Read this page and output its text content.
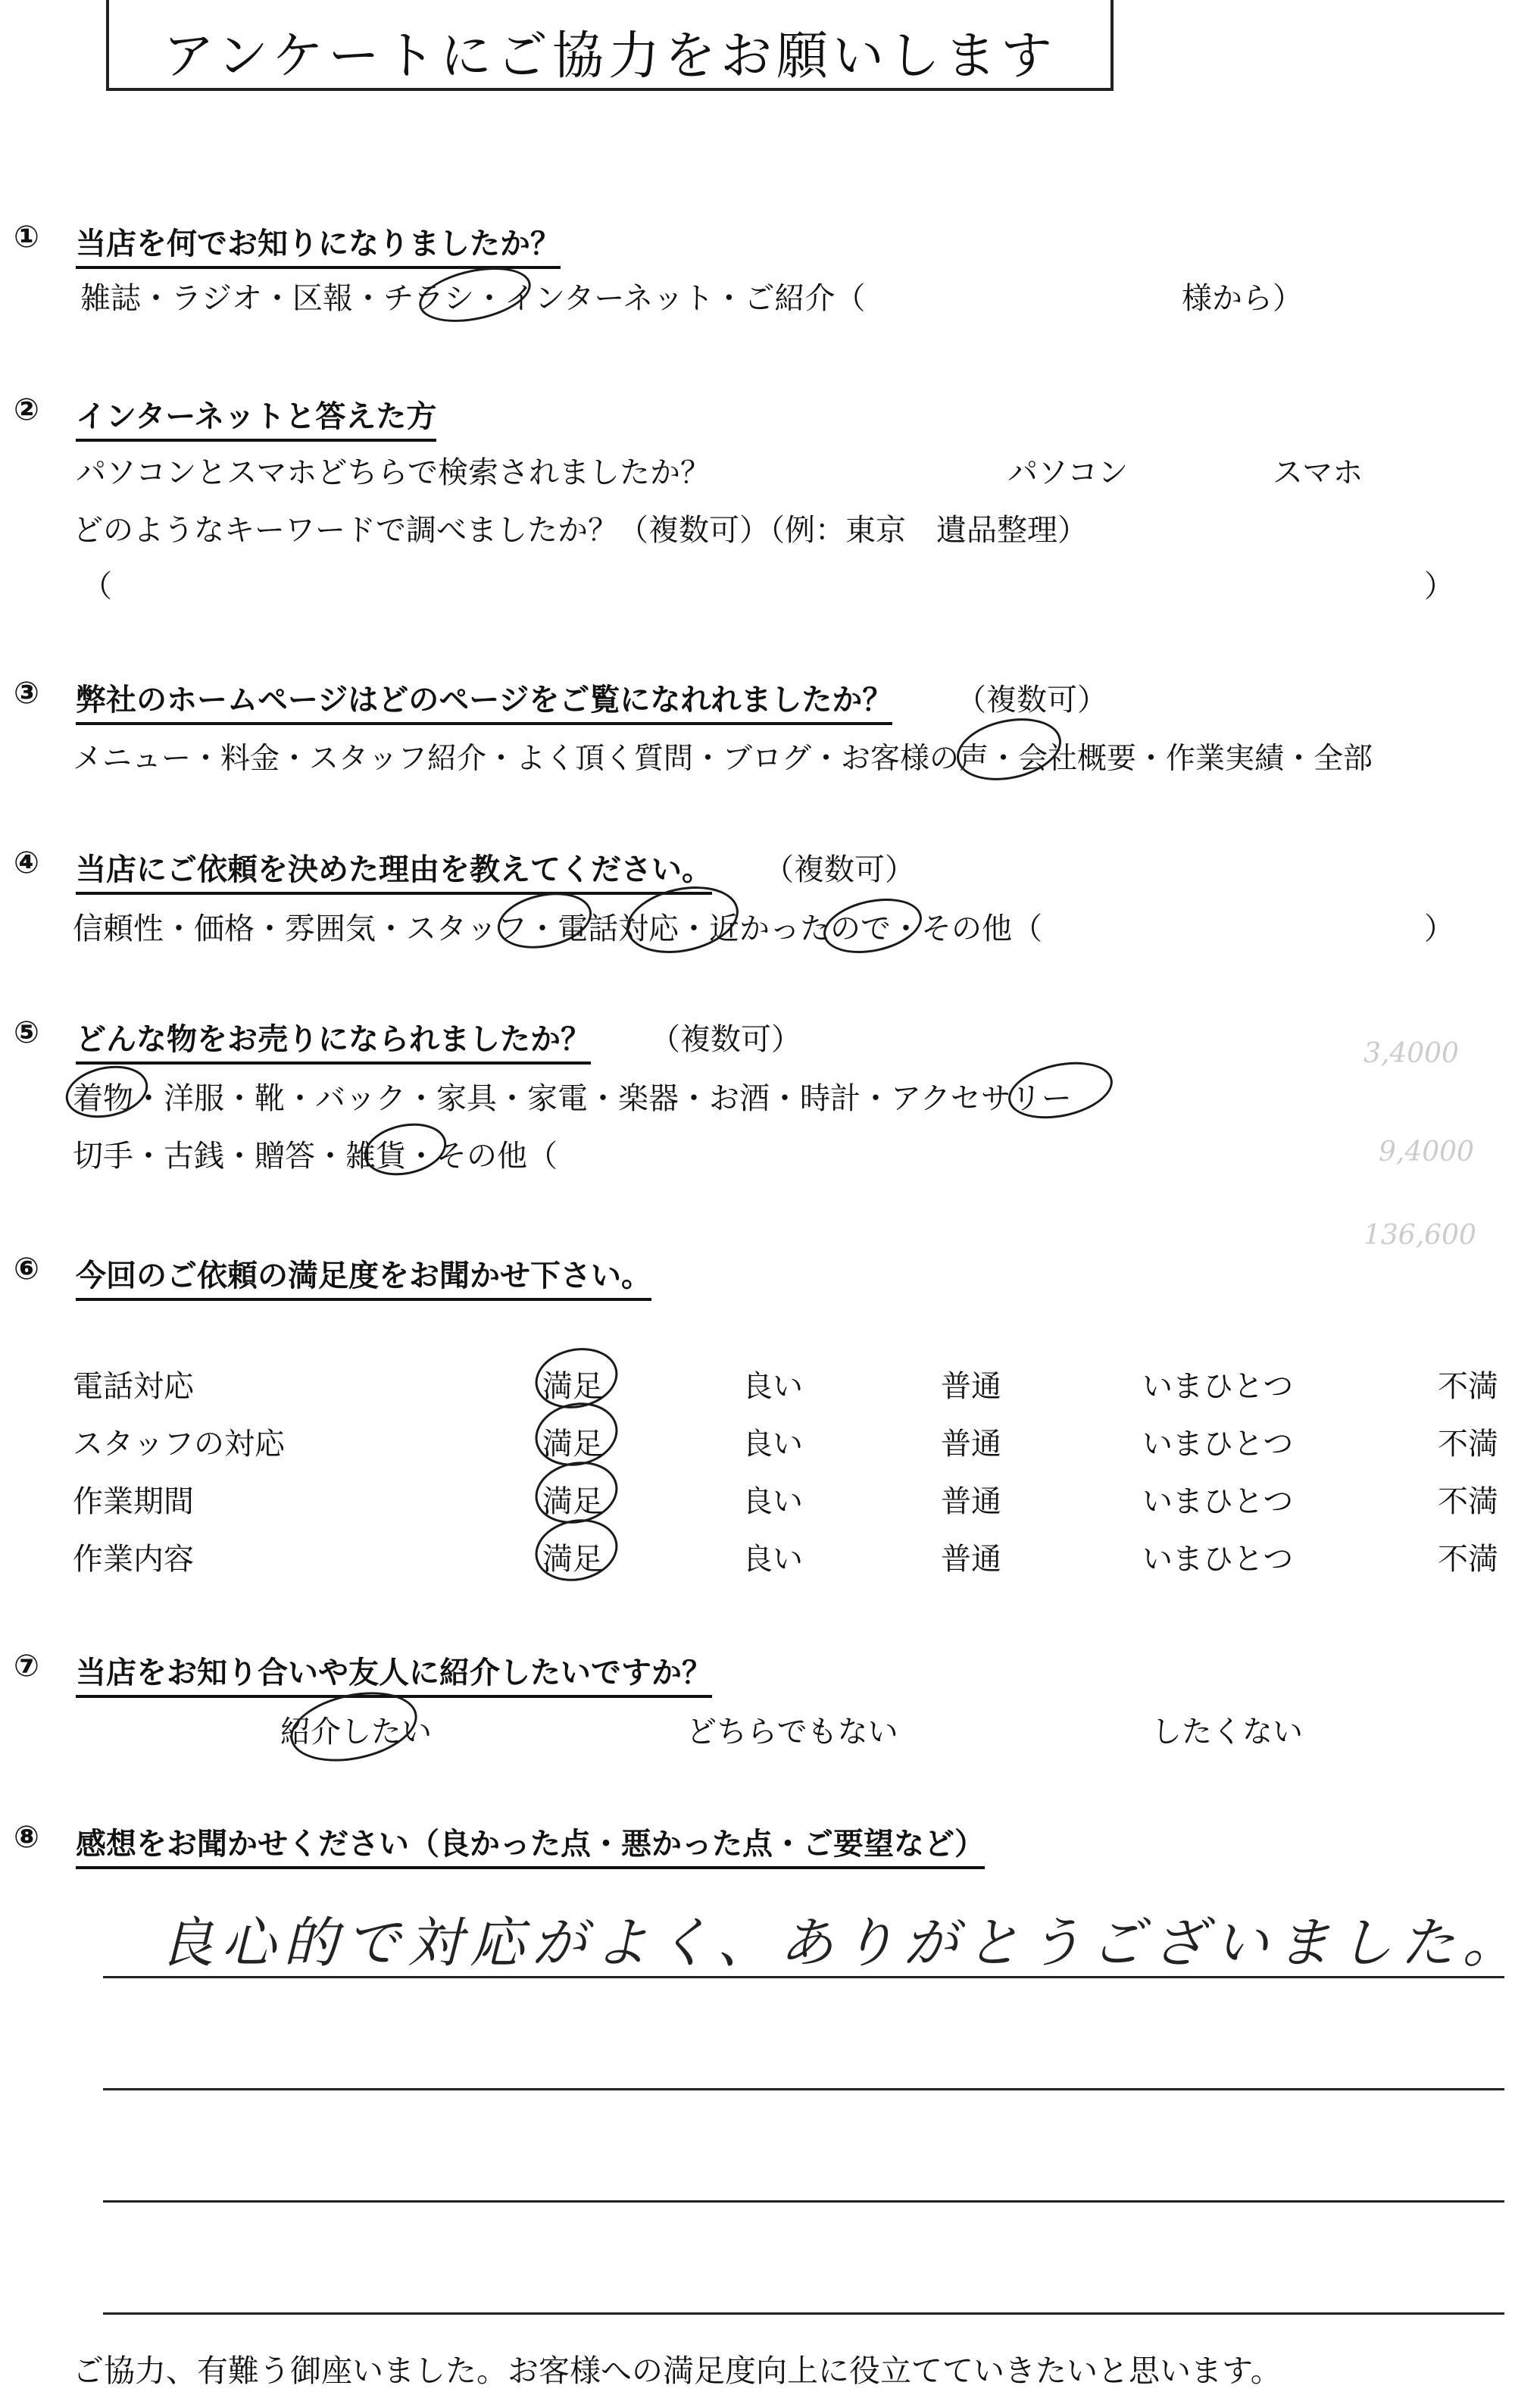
アンケートにご協力をお願いします
① 当店を何でお知りになりましたか？
雑誌・ラジオ・区報・チラシ・インターネット・ご紹介（	様から）
② インターネットと答えた方
パソコンとスマホどちらで検索されましたか？	パソコン	スマホ
どのようなキーワードで調べましたか？（複数可）（例：東京　遺品整理）
（	）
③ 弊社のホームページはどのページをご覧になれれましたか？ （複数可）
メニュー・料金・スタッフ紹介・よく頂く質問・ブログ・お客様の声・会社概要・作業実績・全部
④ 当店にご依頼を決めた理由を教えてください。 （複数可）
信頼性・価格・雰囲気・スタッフ・電話対応・近かったので・その他（	）
⑤ どんな物をお売りになられましたか？ （複数可）
着物・洋服・靴・バック・家具・家電・楽器・お酒・時計・アクセサリー
切手・古銭・贈答・雑貨・その他（
3,4000
9,4000
136,600
⑥ 今回のご依頼の満足度をお聞かせ下さい。
電話対応	満足	良い	普通	いまひとつ	不満
スタッフの対応	満足	良い	普通	いまひとつ	不満
作業期間	満足	良い	普通	いまひとつ	不満
作業内容	満足	良い	普通	いまひとつ	不満
⑦ 当店をお知り合いや友人に紹介したいですか？
紹介したい	どちらでもない	したくない
⑧ 感想をお聞かせください（良かった点・悪かった点・ご要望など）
良心的で対応がよく、ありがとうございました。
ご協力、有難う御座いました。お客様への満足度向上に役立てていきたいと思います。
